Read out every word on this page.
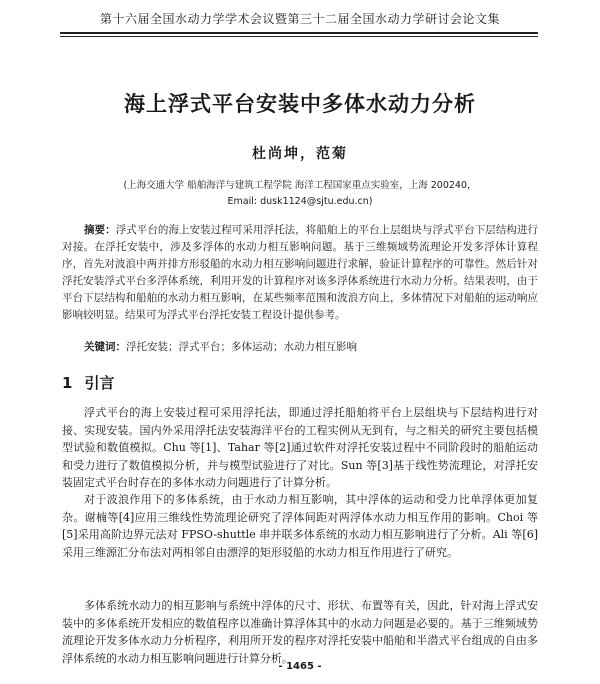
第十六届全国水动力学学术会议暨第三十二届全国水动力学研讨会论文集
海上浮式平台安装中多体水动力分析
杜尚坤，范菊
(上海交通大学 船舶海洋与建筑工程学院 海洋工程国家重点实验室，上海 200240，
Email: dusk1124@sjtu.edu.cn)

摘要：浮式平台的海上安装过程可采用浮托法，将船舶上的平台上层组块与浮式平台下层结构进行对接。在浮托安装中，涉及多浮体的水动力相互影响问题。基于三维频域势流理论开发多浮体计算程序，首先对波浪中两并排方形驳船的水动力相互影响问题进行求解，验证计算程序的可靠性。然后针对浮托安装浮式平台多浮体系统，利用开发的计算程序对该多浮体系统进行水动力分析。结果表明，由于平台下层结构和船舶的水动力相互影响，在某些频率范围和波浪方向上，多体情况下对船舶的运动响应影响较明显。结果可为浮式平台浮托安装工程设计提供参考。

关键词：浮托安装；浮式平台；多体运动；水动力相互影响

1 引言

浮式平台的海上安装过程可采用浮托法，即通过浮托船舶将平台上层组块与下层结构进行对接、实现安装。国内外采用浮托法安装海洋平台的工程实例从无到有，与之相关的研究主要包括模型试验和数值模拟。Chu 等[1]、Tahar 等[2]通过软件对浮托安装过程中不同阶段时的船舶运动和受力进行了数值模拟分析，并与模型试验进行了对比。Sun 等[3]基于线性势流理论，对浮托安装固定式平台时存在的多体水动力问题进行了计算分析。

对于波浪作用下的多体系统，由于水动力相互影响，其中浮体的运动和受力比单浮体更加复杂。谢楠等[4]应用三维线性势流理论研究了浮体间距对两浮体水动力相互作用的影响。Choi 等[5]采用高阶边界元法对 FPSO-shuttle 串并联多体系统的水动力相互影响进行了分析。Ali 等[6]采用三维源汇分布法对两相邻自由漂浮的矩形驳船的水动力相互作用进行了研究。

多体系统水动力的相互影响与系统中浮体的尺寸、形状、布置等有关，因此，针对海上浮式安装中的多体系统开发相应的数值程序以准确计算浮体其中的水动力问题是必要的。基于三维频域势流理论开发多体水动力分析程序，利用所开发的程序对浮托安装中船舶和半潜式平台组成的自由多浮体系统的水动力相互影响问题进行计算分析。

- 1465 -
